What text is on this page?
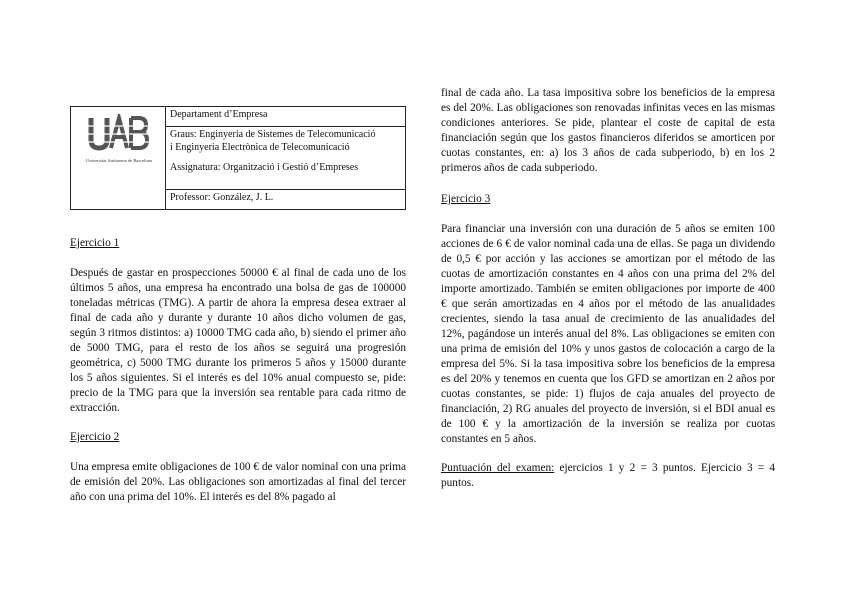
Universitat Autònoma de Barcelona
Departament d’Empresa
Graus: Enginyeria de Sistemes de Telecomunicació
i Enginyeria Electrònica de Telecomunicació
Assignatura: Organització i Gestió d’Empreses
Professor: González, J. L.
Ejercicio 1

Después de gastar en prospecciones 50000 € al final de cada uno de los últimos 5 años, una empresa ha encontrado una bolsa de gas de 100000 toneladas métricas (TMG). A partir de ahora la empresa desea extraer al final de cada año y durante y durante 10 años dicho volumen de gas, según 3 ritmos distintos: a) 10000 TMG cada año, b) siendo el primer año de 5000 TMG, para el resto de los años se seguirá una progresión geométrica, c) 5000 TMG durante los primeros 5 años y 15000 durante los 5 años siguientes. Si el interés es del 10% anual compuesto se, pide: precio de la TMG para que la inversión sea rentable para cada ritmo de extracción.

Ejercicio 2

Una empresa emite obligaciones de 100 € de valor nominal con una prima de emisión del 20%. Las obligaciones son amortizadas al final del tercer año con una prima del 10%. El interés es del 8% pagado al

final de cada año. La tasa impositiva sobre los beneficios de la empresa es del 20%. Las obligaciones son renovadas infinitas veces en las mismas condiciones anteriores. Se pide, plantear el coste de capital de esta financiación según que los gastos financieros diferidos se amorticen por cuotas constantes, en: a) los 3 años de cada subperiodo, b) en los 2 primeros años de cada subperiodo.

Ejercicio 3

Para financiar una inversión con una duración de 5 años se emiten 100 acciones de 6 € de valor nominal cada una de ellas. Se paga un dividendo de 0,5 € por acción y las acciones se amortizan por el método de las cuotas de amortización constantes en 4 años con una prima del 2% del importe amortizado. También se emiten obligaciones por importe de 400 € que serán amortizadas en 4 años por el método de las anualidades crecientes, siendo la tasa anual de crecimiento de las anualidades del 12%, pagándose un interés anual del 8%. Las obligaciones se emiten con una prima de emisión del 10% y unos gastos de colocación a cargo de la empresa del 5%. Si la tasa impositiva sobre los beneficios de la empresa es del 20% y tenemos en cuenta que los GFD se amortizan en 2 años por cuotas constantes, se pide: 1) flujos de caja anuales del proyecto de financiación, 2) RG anuales del proyecto de inversión, si el BDI anual es de 100 € y la amortización de la inversión se realiza por cuotas constantes en 5 años.

Puntuación del examen: ejercicios 1 y 2 = 3 puntos. Ejercicio 3 = 4 puntos.
